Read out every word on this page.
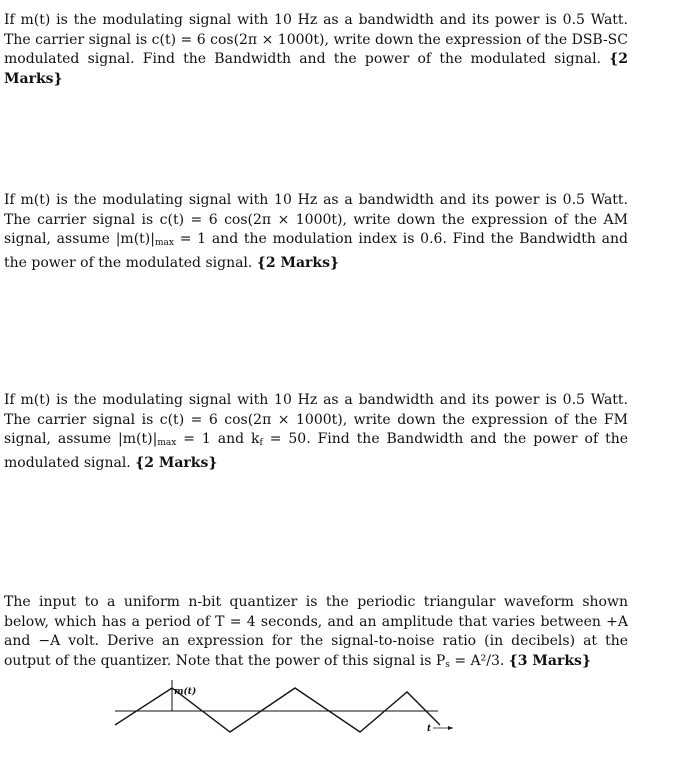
If m(t) is the modulating signal with 10 Hz as a bandwidth and its power is 0.5 Watt. The carrier signal is c(t) = 6 cos(2π × 1000t), write down the expression of the DSB-SC modulated signal. Find the Bandwidth and the power of the modulated signal. {2 Marks}
If m(t) is the modulating signal with 10 Hz as a bandwidth and its power is 0.5 Watt. The carrier signal is c(t) = 6 cos(2π × 1000t), write down the expression of the AM signal, assume $|m(t)|_{max} = 1$ and the modulation index is 0.6. Find the Bandwidth and the power of the modulated signal. {2 Marks}
If m(t) is the modulating signal with 10 Hz as a bandwidth and its power is 0.5 Watt. The carrier signal is c(t) = 6 cos(2π × 1000t), write down the expression of the FM signal, assume $|m(t)|_{max} = 1$ and $k_f = 50$. Find the Bandwidth and the power of the modulated signal. {2 Marks}
The input to a uniform n-bit quantizer is the periodic triangular waveform shown below, which has a period of T = 4 seconds, and an amplitude that varies between +A and −A volt. Derive an expression for the signal-to-noise ratio (in decibels) at the output of the quantizer. Note that the power of this signal is $P_s = A^2/3$. {3 Marks}
m(t)
t
